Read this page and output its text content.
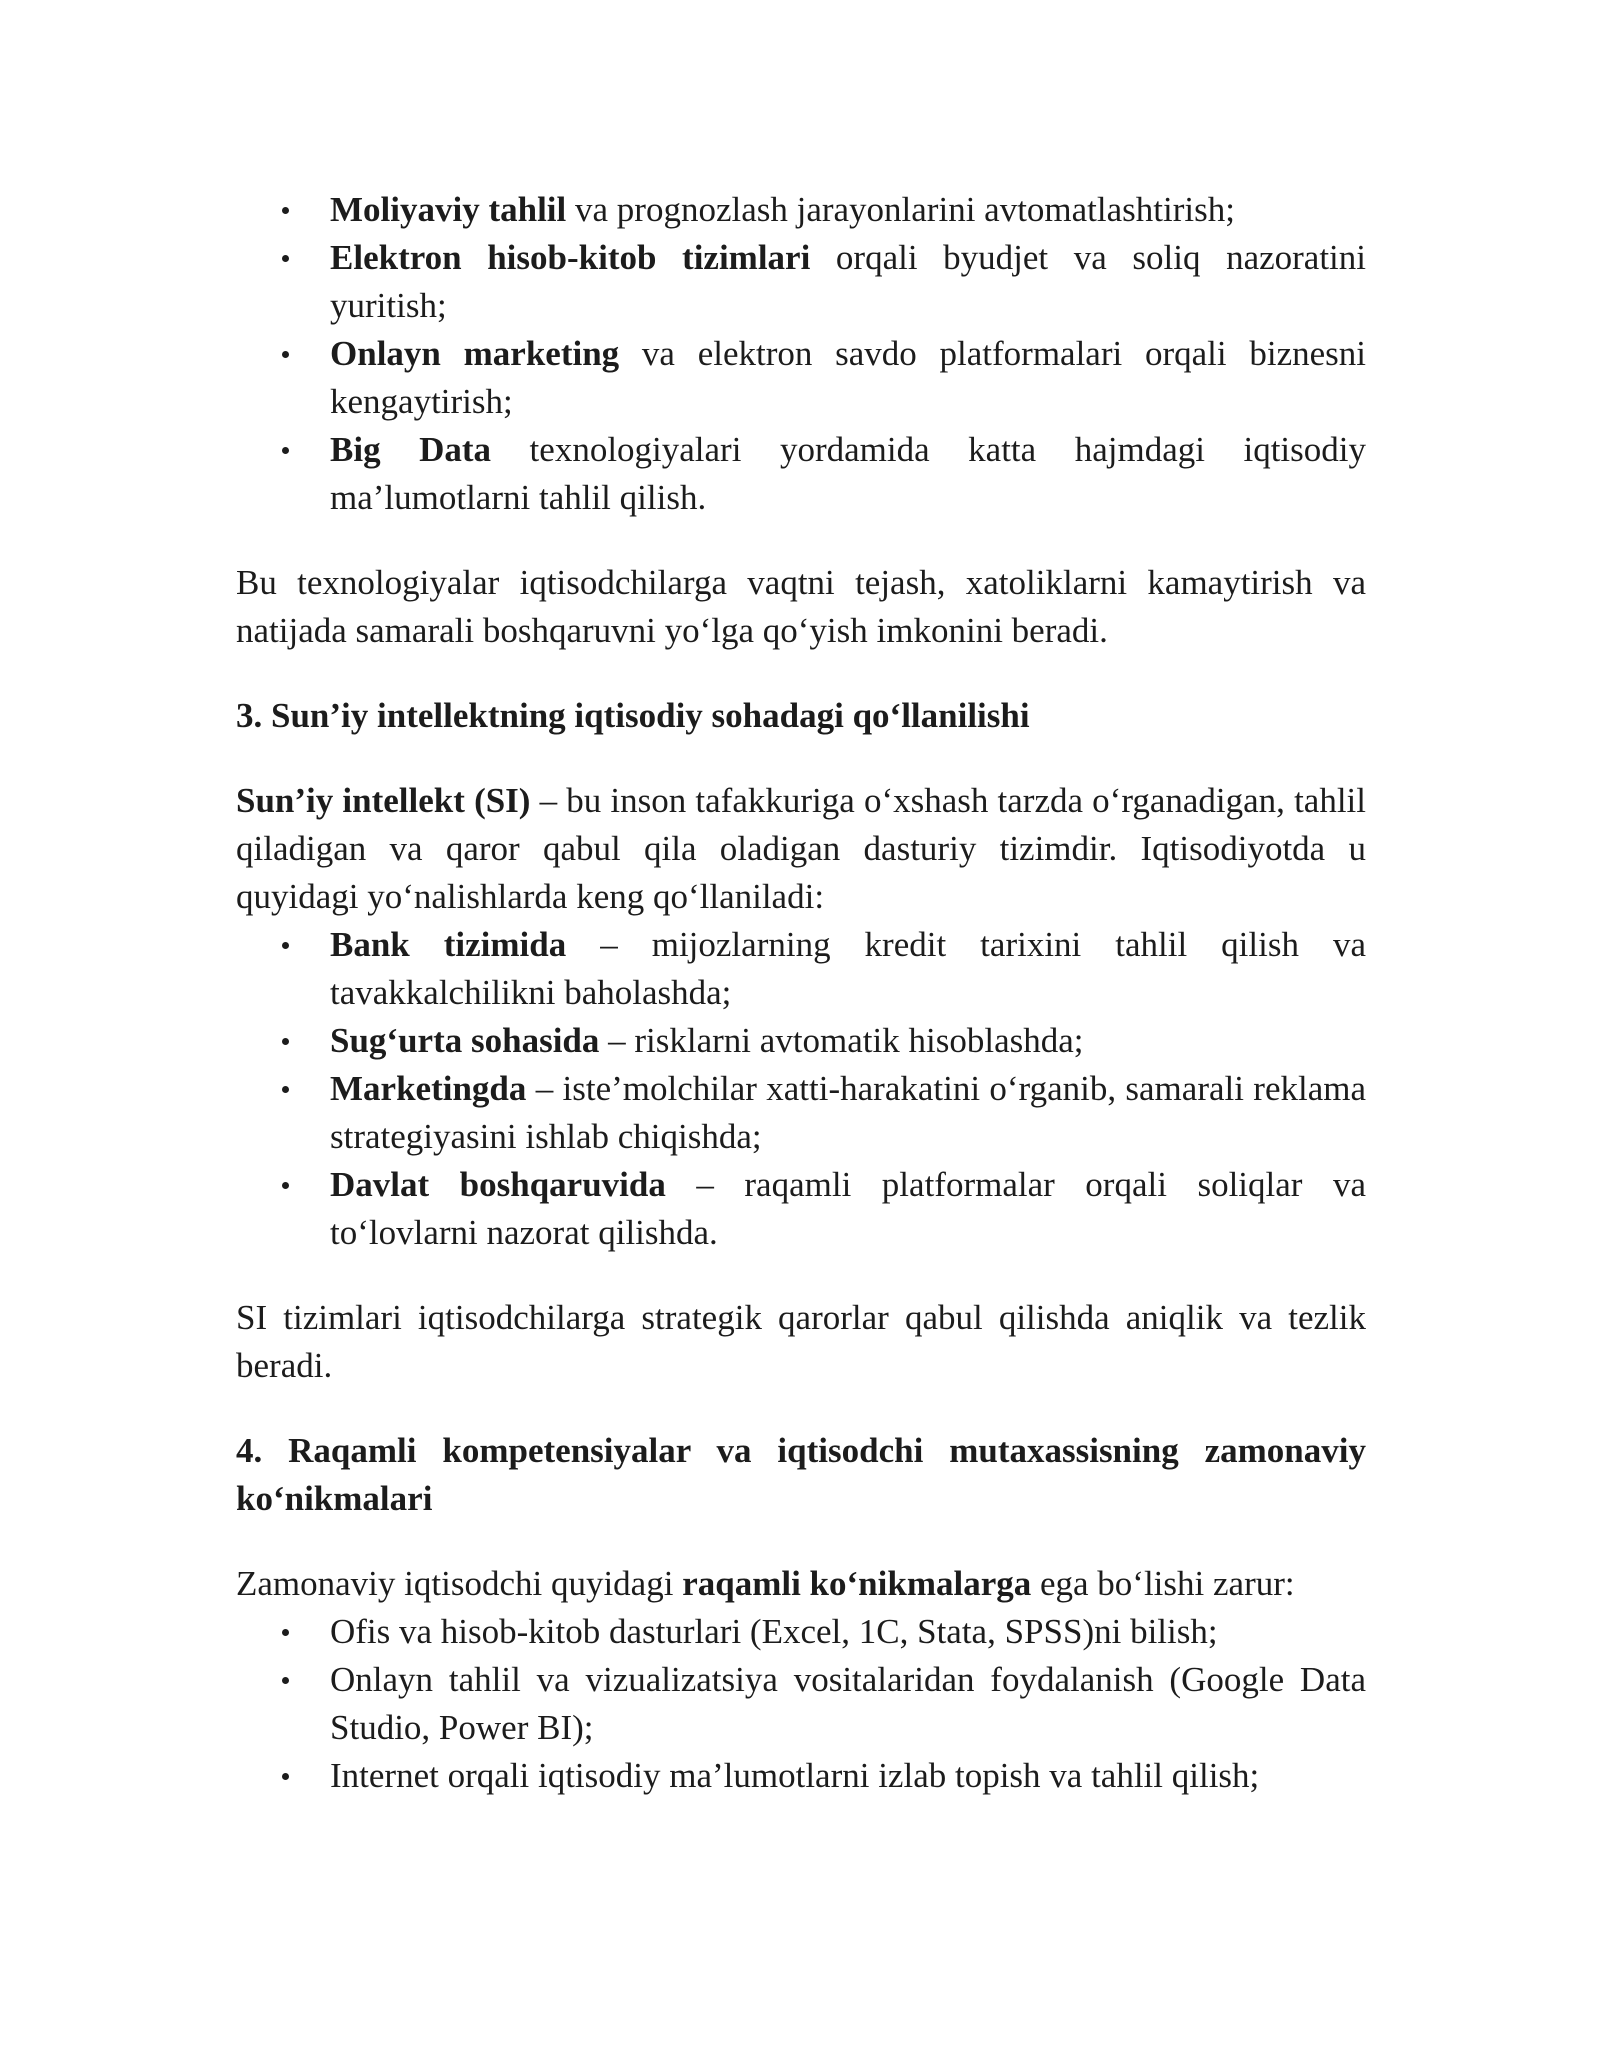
Moliyaviy tahlil va prognozlash jarayonlarini avtomatlashtirish;
Elektron hisob-kitob tizimlari orqali byudjet va soliq nazoratini yuritish;
Onlayn marketing va elektron savdo platformalari orqali biznesni kengaytirish;
Big Data texnologiyalari yordamida katta hajmdagi iqtisodiy ma’lumotlarni tahlil qilish.

Bu texnologiyalar iqtisodchilarga vaqtni tejash, xatoliklarni kamaytirish va natijada samarali boshqaruvni yo‘lga qo‘yish imkonini beradi.

3. Sun’iy intellektning iqtisodiy sohadagi qo‘llanilishi

Sun’iy intellekt (SI) – bu inson tafakkuriga o‘xshash tarzda o‘rganadigan, tahlil qiladigan va qaror qabul qila oladigan dasturiy tizimdir. Iqtisodiyotda u quyidagi yo‘nalishlarda keng qo‘llaniladi:

Bank tizimida – mijozlarning kredit tarixini tahlil qilish va tavakkalchilikni baholashda;
Sug‘urta sohasida – risklarni avtomatik hisoblashda;
Marketingda – iste’molchilar xatti-harakatini o‘rganib, samarali reklama strategiyasini ishlab chiqishda;
Davlat boshqaruvida – raqamli platformalar orqali soliqlar va to‘lovlarni nazorat qilishda.

SI tizimlari iqtisodchilarga strategik qarorlar qabul qilishda aniqlik va tezlik beradi.

4. Raqamli kompetensiyalar va iqtisodchi mutaxassisning zamonaviy ko‘nikmalari

Zamonaviy iqtisodchi quyidagi raqamli ko‘nikmalarga ega bo‘lishi zarur:

Ofis va hisob-kitob dasturlari (Excel, 1C, Stata, SPSS)ni bilish;
Onlayn tahlil va vizualizatsiya vositalaridan foydalanish (Google Data Studio, Power BI);
Internet orqali iqtisodiy ma’lumotlarni izlab topish va tahlil qilish;
